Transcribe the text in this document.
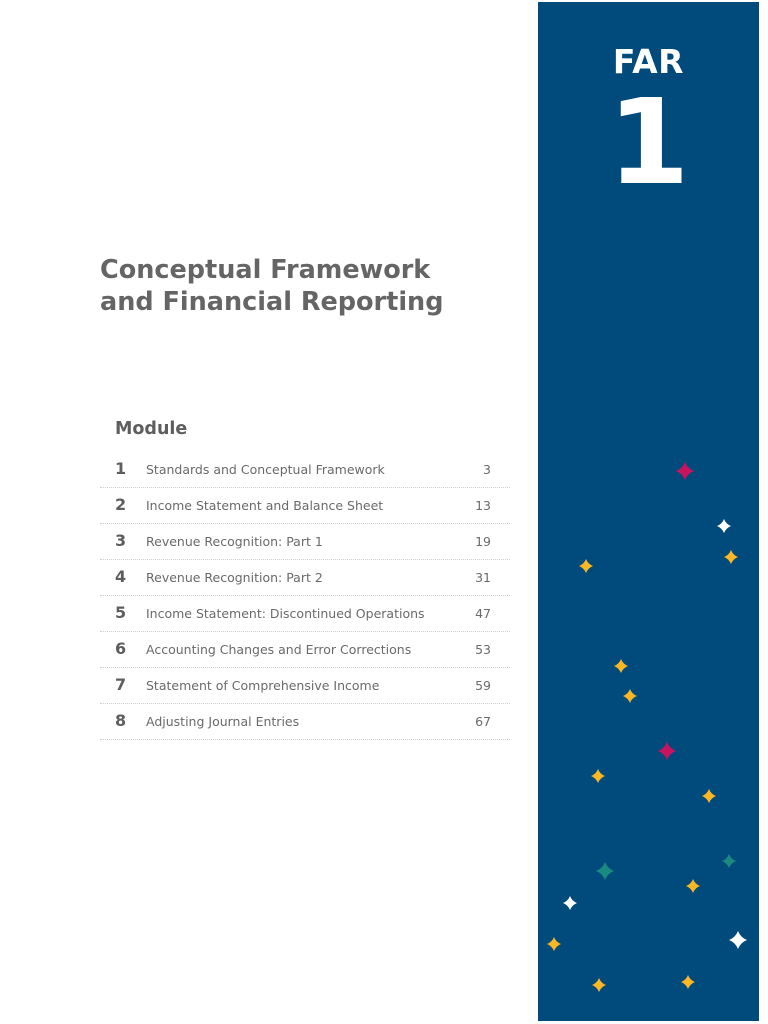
FAR
1
Conceptual Framework
and Financial Reporting
Module
1 Standards and Conceptual Framework	3
2 Income Statement and Balance Sheet	13
3 Revenue Recognition: Part 1	19
4 Revenue Recognition: Part 2	31
5 Income Statement: Discontinued Operations	47
6 Accounting Changes and Error Corrections	53
7 Statement of Comprehensive Income	59
8 Adjusting Journal Entries	67
